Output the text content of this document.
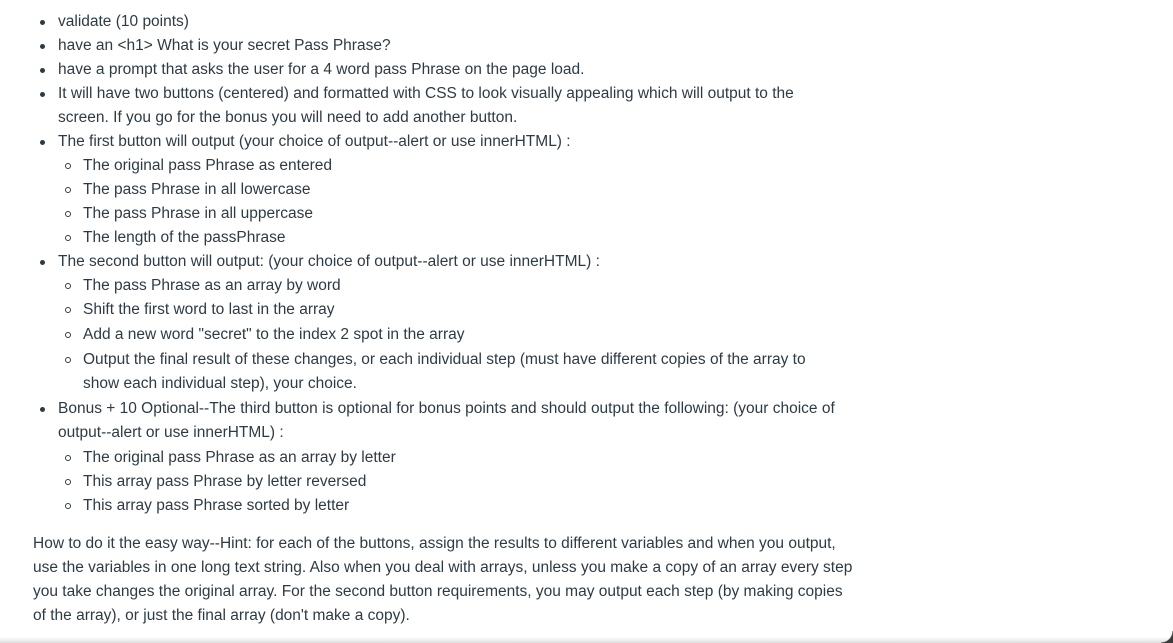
validate (10 points)
have an <h1> What is your secret Pass Phrase?
have a prompt that asks the user for a 4 word pass Phrase on the page load.
It will have two buttons (centered) and formatted with CSS to look visually appealing which will output to the screen. If you go for the bonus you will need to add another button.
The first button will output (your choice of output--alert or use innerHTML) :
The original pass Phrase as entered
The pass Phrase in all lowercase
The pass Phrase in all uppercase
The length of the passPhrase
The second button will output: (your choice of output--alert or use innerHTML) :
The pass Phrase as an array by word
Shift the first word to last in the array
Add a new word "secret" to the index 2 spot in the array
Output the final result of these changes, or each individual step (must have different copies of the array to show each individual step), your choice.
Bonus + 10 Optional--The third button is optional for bonus points and should output the following: (your choice of output--alert or use innerHTML) :
The original pass Phrase as an array by letter
This array pass Phrase by letter reversed
This array pass Phrase sorted by letter

How to do it the easy way--Hint: for each of the buttons, assign the results to different variables and when you output, use the variables in one long text string. Also when you deal with arrays, unless you make a copy of an array every step you take changes the original array. For the second button requirements, you may output each step (by making copies of the array), or just the final array (don't make a copy).
